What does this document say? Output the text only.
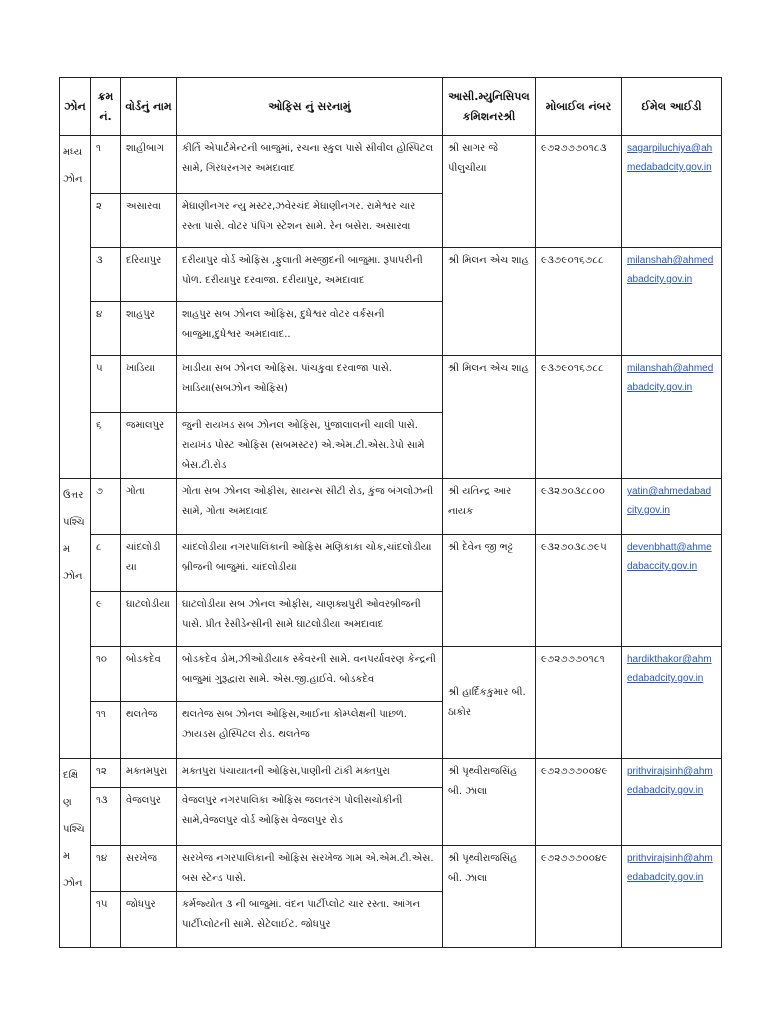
ઝોન	ક્રમ નં.	વોર્ડનું નામ	ઓફિસ નું સરનામું	આસી.મ્યુનિસિપલ કમિશનરશ્રી	મોબાઈલ નંબર	ઈમેલ આઈડી
મધ્ય ઝોન	૧	શાહીબાગ	કીર્તિ એપાર્ટમેન્ટની બાજુમાં, રચના સ્કુલ પાસે સીવીલ હોસ્પિટલ સામે, ગિરધરનગર અમદાવાદ	શ્રી સાગર જે પીલુચીયા	૯૭૨૭૭૭૦૧૮૩	sagarpiluchiya@ahmedabadcity.gov.in
	૨	અસારવા	મેઘાણીનગર ન્યુ મસ્ટર,ઝવેરચંદ મેઘાણીનગર. રામેશ્વર ચાર રસ્તા પાસે. વોટર પંપિંગ સ્ટેશન સામે. રેન બસેરા. અસારવા			
	૩	દરિયાપુર	દરીયાપુર વોર્ડ ઓફિસ ,ફુલાતી મસ્જીદની બાજુમા. રૂપાપરીની પોળ. દરીયાપુર દરવાજા. દરીયાપુર, અમદાવાદ	શ્રી મિલન એચ શાહ	૯૩૭૯૦૧૬૭૮૮	milanshah@ahmedabadcity.gov.in
	૪	શાહપુર	શાહપુર સબ ઝોનલ ઓફિસ, દુધેશ્વર વોટર વર્કસની બાજુમા,દુધેશ્વર અમદાવાદ..			
	૫	ખાડિયા	ખાડીયા સબ ઝોનલ ઓફિસ. પાંચકુવા દરવાજા પાસે. ખાડિયા(સબઝોન ઓફિસ)	શ્રી મિલન એચ શાહ	૯૩૭૯૦૧૬૭૮૮	milanshah@ahmedabadcity.gov.in
	૬	જમાલપુર	જુની રાયખડ સબ ઝોનલ ઓફિસ, પુંજાલાલની ચાલી પાસે. રાયખંડ પોસ્ટ ઓફિસ (સબમસ્ટર) એ.એમ.ટી.એસ.ડેપો સામે બેસ.ટી.રોડ			
ઉત્તર પશ્ચિ મ ઝોન	૭	ગોતા	ગોતા સબ ઝોનલ ઓફીસ, સાયન્સ સીટી રોડ, કુંજ બંગલોઝની સામે, ગોતા અમદાવાદ	શ્રી યતિન્દ્ર આર નાયક	૯૩૨૭૦૩૮૮૦૦	yatin@ahmedabadcity.gov.in
	૮	ચાંદલોડીયા	ચાંદલોડીયા નગરપાલિકાની ઓફિસ મણિકાકા ચોક,ચાંદલોડીયા બ્રીજની બાજુમાં. ચાંદલોડીયા	શ્રી દેવેન જી ભટ્ટ	૯૩૨૭૦૩૮૭૯૫	devenbhatt@ahmedabaccity.gov.in
	૯	ઘાટલોડીયા	ઘાટલોડીયા સબ ઝોનલ ઓફીસ, ચાણક્યપુરી ઓવરબ્રીજની પાસે. પ્રીત રેસીડેન્સીની સામે ઘાટલોડીયા અમદાવાદ			
	૧૦	બોડકદેવ	બોડકદેવ ડોમ,ઝીઓડીયાક સ્કેવરની સામે. વનપર્યાવરણ કેન્દ્રની બાજુમાં ગુરૂદ્વારા સામે. એસ.જી.હાઈવે. બોડકદેવ	શ્રી હાર્દિકકુમાર બી. ઠાકોર	૯૭૨૭૭૭૦૧૮૧	hardikthakor@ahmedabadcity.gov.in
	૧૧	થલતેજ	થલતેજ સબ ઝોનલ ઓફિસ,આઈના કોમ્પ્લેક્ષની પાછળ. ઝાયડસ હોસ્પિટલ રોડ. થલતેજ			
દક્ષિ ણ પશ્ચિ મ ઝોન	૧૨	મક્તમપુરા	મક્તપુરા પંચાયાતની ઓફિસ,પાણીની ટાંકી મક્તપુરા	શ્રી પૃથ્વીરાજસિંહ બી. ઝાલા	૯૭૨૭૭૭૦૦૪૯	prithvirajsinh@ahmedabadcity.gov.in
	૧૩	વેજલપુર	વેજલપુર નગરપાલિકા ઓફિસ જલતરંગ પોલીસચોકીની સામે,વેજલપુર વોર્ડ ઓફિસ વેજલપુર રોડ			
	૧૪	સરખેજ	સરખેજ નગરપાલિકાની ઓફિસ સરખેજ ગામ એ.એમ.ટી.એસ. બસ સ્ટેન્ડ પાસે.	શ્રી પૃથ્વીરાજસિંહ બી. ઝાલા	૯૭૨૭૭૭૦૦૪૯	prithvirajsinh@ahmedabadcity.gov.in
	૧૫	જોધપુર	કર્મજ્યોત ૩ ની બાજુમાં. વંદન પાર્ટીપ્લોટ ચાર રસ્તા. આંગન પાર્ટીપ્લોટની સામે. સેટેલાઈટ. જોધપુર			
